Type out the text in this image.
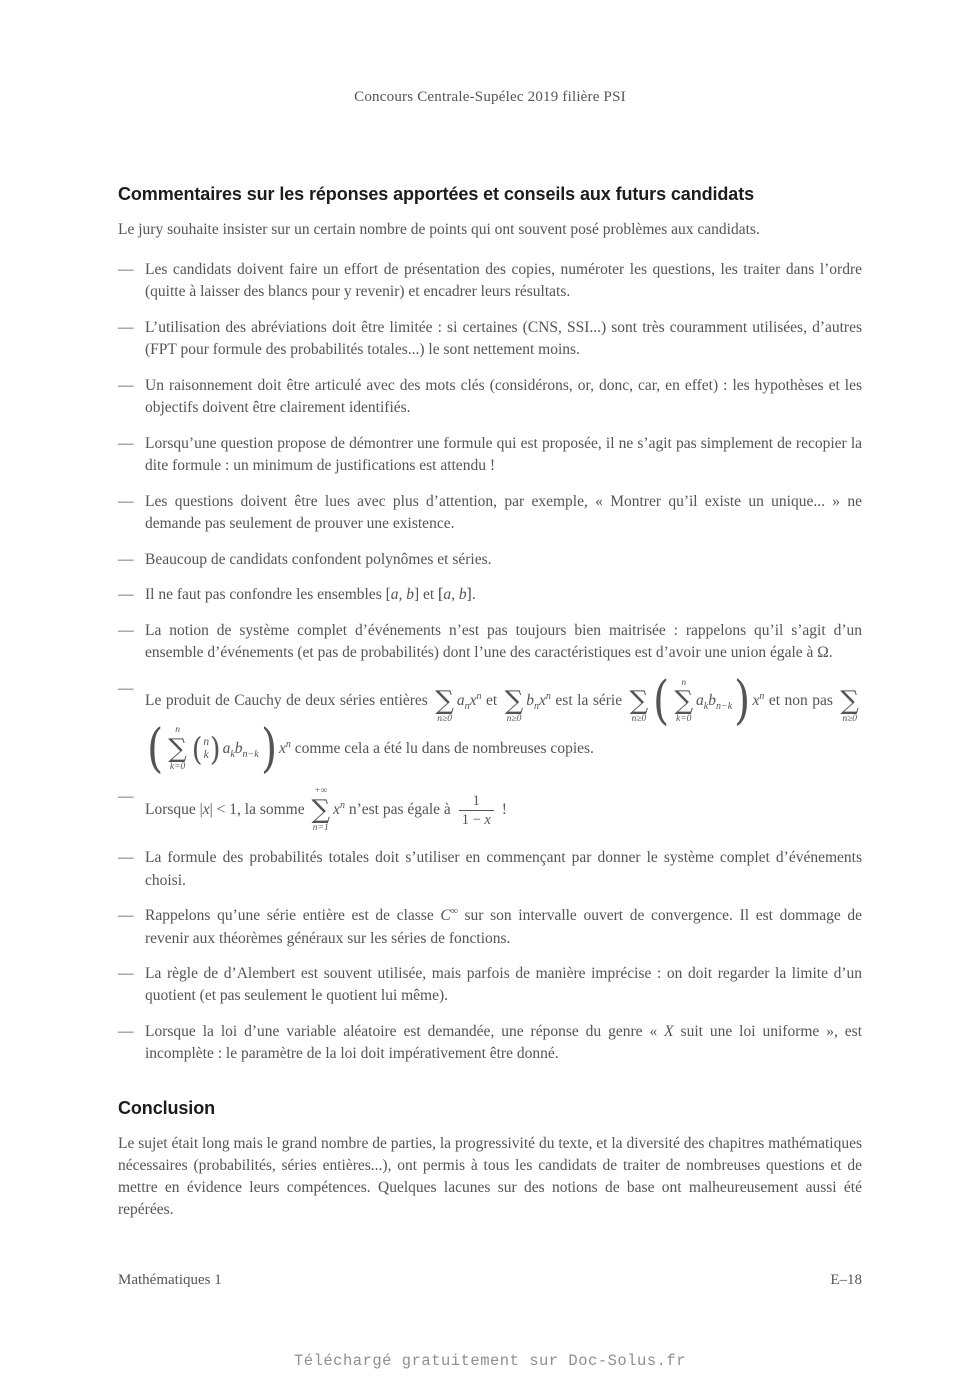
Concours Centrale-Supélec 2019 filière PSI
Commentaires sur les réponses apportées et conseils aux futurs candidats

Le jury souhaite insister sur un certain nombre de points qui ont souvent posé problèmes aux candidats.

— Les candidats doivent faire un effort de présentation des copies, numéroter les questions, les traiter dans l’ordre (quitte à laisser des blancs pour y revenir) et encadrer leurs résultats.
— L’utilisation des abréviations doit être limitée : si certaines (CNS, SSI...) sont très couramment utilisées, d’autres (FPT pour formule des probabilités totales...) le sont nettement moins.
— Un raisonnement doit être articulé avec des mots clés (considérons, or, donc, car, en effet) : les hypothèses et les objectifs doivent être clairement identifiés.
— Lorsqu’une question propose de démontrer une formule qui est proposée, il ne s’agit pas simplement de recopier la dite formule : un minimum de justifications est attendu !
— Les questions doivent être lues avec plus d’attention, par exemple, « Montrer qu’il existe un unique... » ne demande pas seulement de prouver une existence.
— Beaucoup de candidats confondent polynômes et séries.
— Il ne faut pas confondre les ensembles [a, b] et a, b .
— La notion de système complet d’événements n’est pas toujours bien maitrisée : rappelons qu’il s’agit d’un ensemble d’événements (et pas de probabilités) dont l’une des caractéristiques est d’avoir une union égale à Ω.
—
Le produit de Cauchy de deux séries entières
∑
n≥0
$a_nx^n$ et
∑
n≥0
$b_nx^n$ est la série
∑
n≥0 ( n
∑
k=0
$a_kb_{n-k}$) $x^n$ et non pas
∑
n≥0
( n
∑
k=0 ( n
k ) $a_kb_{n-k}$) $x^n$ comme cela a été lu dans de nombreuses copies.
—
Lorsque |x| < 1, la somme
+∞
∑
n=1
$x^n$ n’est pas égale à $\frac{1}{1 - x}$ !
— La formule des probabilités totales doit s’utiliser en commençant par donner le système complet d’événements choisi.
— Rappelons qu’une série entière est de classe C∞ sur son intervalle ouvert de convergence. Il est dommage de revenir aux théorèmes généraux sur les séries de fonctions.
— La règle de d’Alembert est souvent utilisée, mais parfois de manière imprécise : on doit regarder la limite d’un quotient (et pas seulement le quotient lui même).
— Lorsque la loi d’une variable aléatoire est demandée, une réponse du genre « X suit une loi uniforme », est incomplète : le paramètre de la loi doit impérativement être donné.
Conclusion

Le sujet était long mais le grand nombre de parties, la progressivité du texte, et la diversité des chapitres mathématiques nécessaires (probabilités, séries entières...), ont permis à tous les candidats de traiter de nombreuses questions et de mettre en évidence leurs compétences. Quelques lacunes sur des notions de base ont malheureusement aussi été repérées.

Mathématiques 1	E–18
Téléchargé gratuitement sur Doc-Solus.fr
